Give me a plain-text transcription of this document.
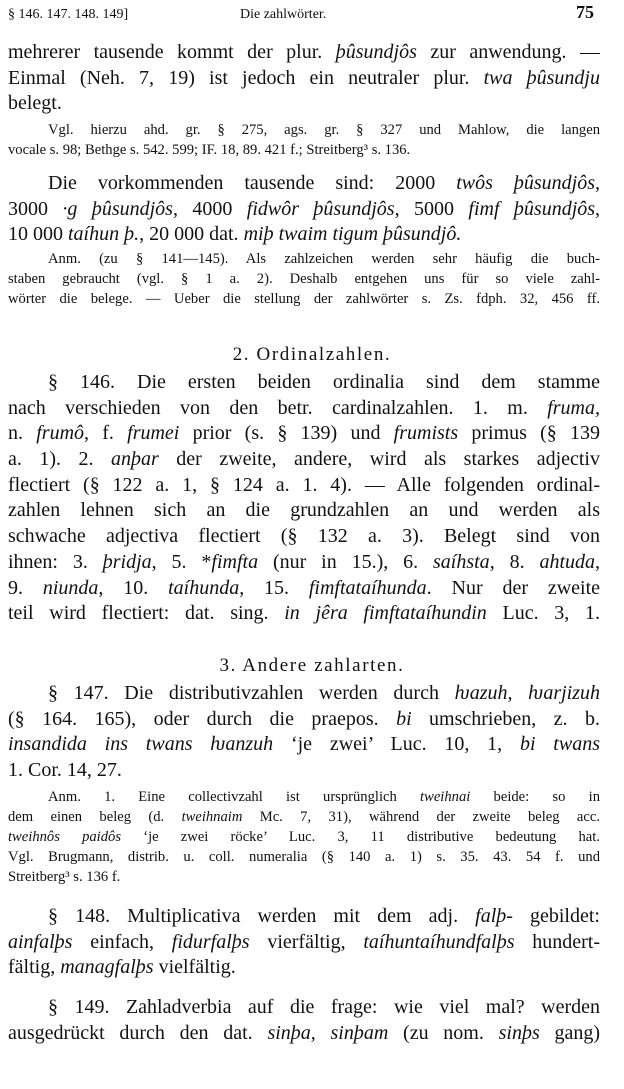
§ 146. 147. 148. 149]	Die zahlwörter.	75
mehrerer tausende kommt der plur. þûsundjôs zur anwendung. —
Einmal (Neh. 7, 19) ist jedoch ein neutraler plur. twa þûsundju
belegt.
Vgl. hierzu ahd. gr. § 275, ags. gr. § 327 und Mahlow, die langen
vocale s. 98; Bethge s. 542. 599; IF. 18, 89. 421 f.; Streitberg³ s. 136.
Die vorkommenden tausende sind: 2000 twôs þûsundjôs,
3000 ·g þûsundjôs, 4000 fidwôr þûsundjôs, 5000 fimf þûsundjôs,
10 000 taíhun þ., 20 000 dat. miþ twaim tigum þûsundjô.
Anm. (zu § 141—145). Als zahlzeichen werden sehr häufig die buch-
staben gebraucht (vgl. § 1 a. 2). Deshalb entgehen uns für so viele zahl-
wörter die belege. — Ueber die stellung der zahlwörter s. Zs. fdph. 32, 456 ff.
2. Ordinalzahlen.
§ 146. Die ersten beiden ordinalia sind dem stamme
nach verschieden von den betr. cardinalzahlen. 1. m. fruma,
n. frumô, f. frumei prior (s. § 139) und frumists primus (§ 139
a. 1). 2. anþar der zweite, andere, wird als starkes adjectiv
flectiert (§ 122 a. 1, § 124 a. 1. 4). — Alle folgenden ordinal-
zahlen lehnen sich an die grundzahlen an und werden als
schwache adjectiva flectiert (§ 132 a. 3). Belegt sind von
ihnen: 3. þridja, 5. *fimfta (nur in 15.), 6. saíhsta, 8. ahtuda,
9. niunda, 10. taíhunda, 15. fimftataíhunda. Nur der zweite
teil wird flectiert: dat. sing. in jêra fimftataíhundin Luc. 3, 1.
3. Andere zahlarten.
§ 147. Die distributivzahlen werden durch ƕazuh, ƕarjizuh
(§ 164. 165), oder durch die praepos. bi umschrieben, z. b.
insandida ins twans ƕanzuh ‘je zwei’ Luc. 10, 1, bi twans
1. Cor. 14, 27.
Anm. 1. Eine collectivzahl ist ursprünglich tweihnai beide: so in
dem einen beleg (d. tweihnaim Mc. 7, 31), während der zweite beleg acc.
tweihnôs paidôs ‘je zwei röcke’ Luc. 3, 11 distributive bedeutung hat.
Vgl. Brugmann, distrib. u. coll. numeralia (§ 140 a. 1) s. 35. 43. 54 f. und
Streitberg³ s. 136 f.
§ 148. Multiplicativa werden mit dem adj. falþ- gebildet:
ainfalþs einfach, fidurfalþs vierfältig, taíhuntaíhundfalþs hundert-
fältig, managfalþs vielfältig.
§ 149. Zahladverbia auf die frage: wie viel mal? werden
ausgedrückt durch den dat. sinþa, sinþam (zu nom. sinþs gang)
